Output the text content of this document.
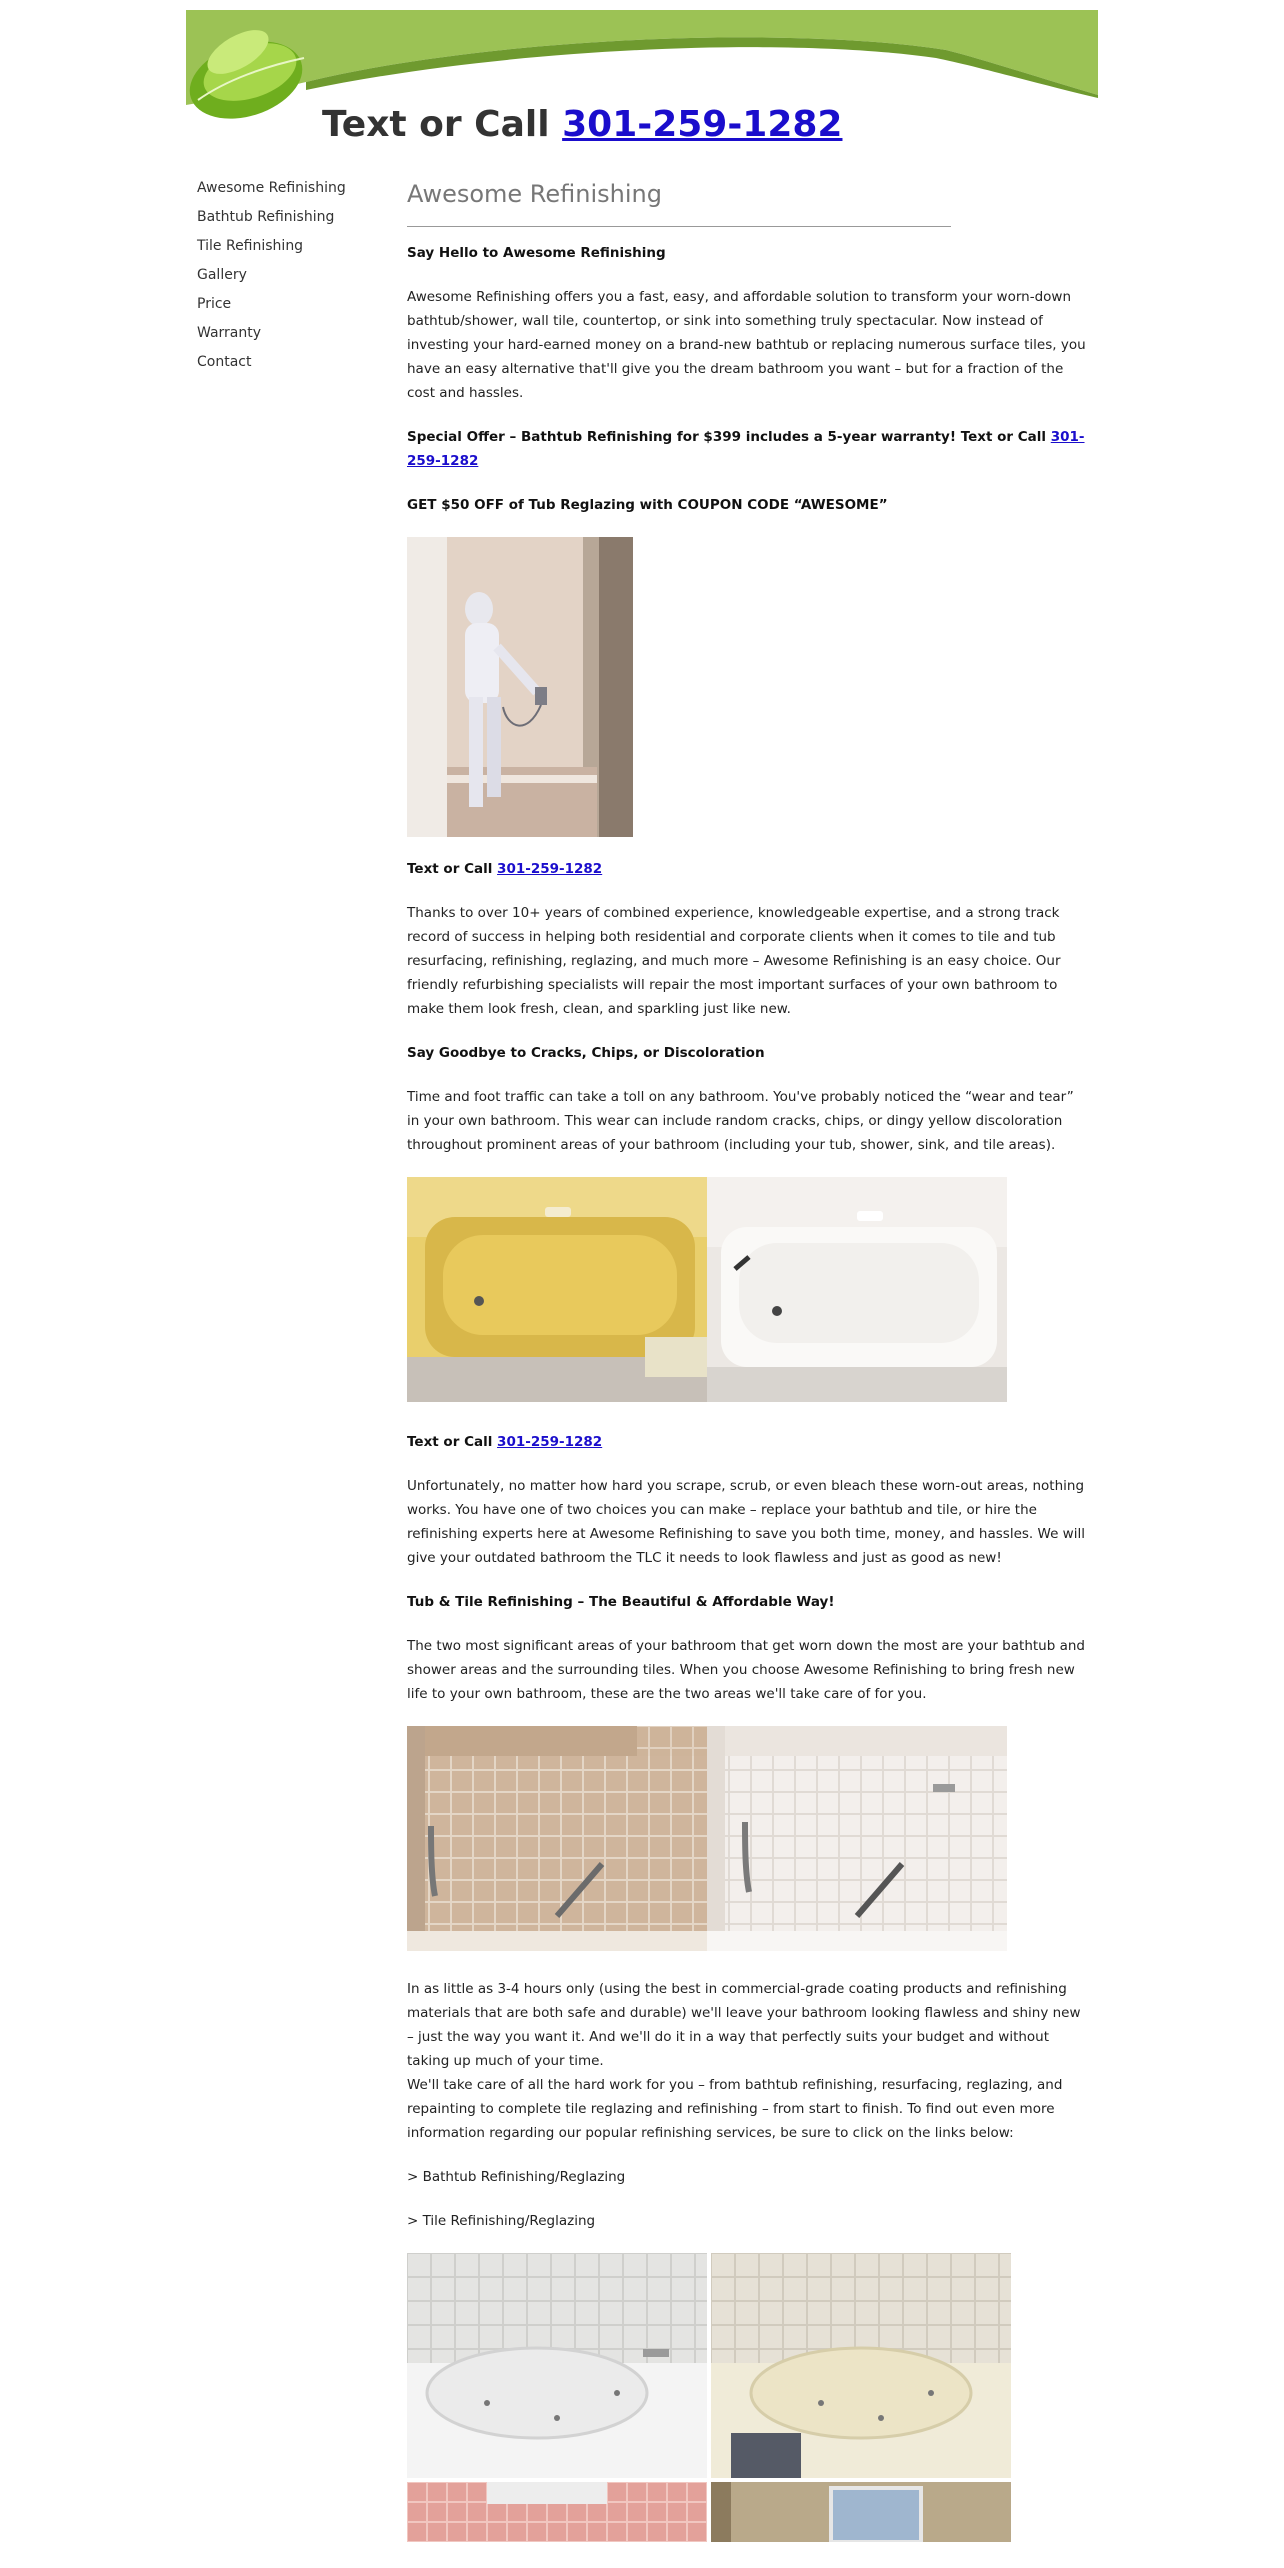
Text or Call 301-259-1282
Awesome Refinishing
Bathtub Refinishing
Tile Refinishing
Gallery
Price
Warranty
Contact
Awesome Refinishing

Say Hello to Awesome Refinishing

Awesome Refinishing offers you a fast, easy, and affordable solution to transform your worn-down bathtub/shower, wall tile, countertop, or sink into something truly spectacular. Now instead of investing your hard-earned money on a brand-new bathtub or replacing numerous surface tiles, you have an easy alternative that'll give you the dream bathroom you want – but for a fraction of the cost and hassles.

Special Offer – Bathtub Refinishing for $399 includes a 5-year warranty! Text or Call 301-259-1282

GET $50 OFF of Tub Reglazing with COUPON CODE “AWESOME”

Text or Call 301-259-1282

Thanks to over 10+ years of combined experience, knowledgeable expertise, and a strong track record of success in helping both residential and corporate clients when it comes to tile and tub resurfacing, refinishing, reglazing, and much more – Awesome Refinishing is an easy choice. Our friendly refurbishing specialists will repair the most important surfaces of your own bathroom to make them look fresh, clean, and sparkling just like new.

Say Goodbye to Cracks, Chips, or Discoloration

Time and foot traffic can take a toll on any bathroom. You've probably noticed the “wear and tear” in your own bathroom. This wear can include random cracks, chips, or dingy yellow discoloration throughout prominent areas of your bathroom (including your tub, shower, sink, and tile areas).

Text or Call 301-259-1282

Unfortunately, no matter how hard you scrape, scrub, or even bleach these worn-out areas, nothing works. You have one of two choices you can make – replace your bathtub and tile, or hire the refinishing experts here at Awesome Refinishing to save you both time, money, and hassles. We will give your outdated bathroom the TLC it needs to look flawless and just as good as new!

Tub & Tile Refinishing – The Beautiful & Affordable Way!

The two most significant areas of your bathroom that get worn down the most are your bathtub and shower areas and the surrounding tiles. When you choose Awesome Refinishing to bring fresh new life to your own bathroom, these are the two areas we'll take care of for you.

In as little as 3-4 hours only (using the best in commercial-grade coating products and refinishing materials that are both safe and durable) we'll leave your bathroom looking flawless and shiny new – just the way you want it. And we'll do it in a way that perfectly suits your budget and without taking up much of your time.

We'll take care of all the hard work for you – from bathtub refinishing, resurfacing, reglazing, and repainting to complete tile reglazing and refinishing – from start to finish. To find out even more information regarding our popular refinishing services, be sure to click on the links below:

> Bathtub Refinishing/Reglazing

> Tile Refinishing/Reglazing
